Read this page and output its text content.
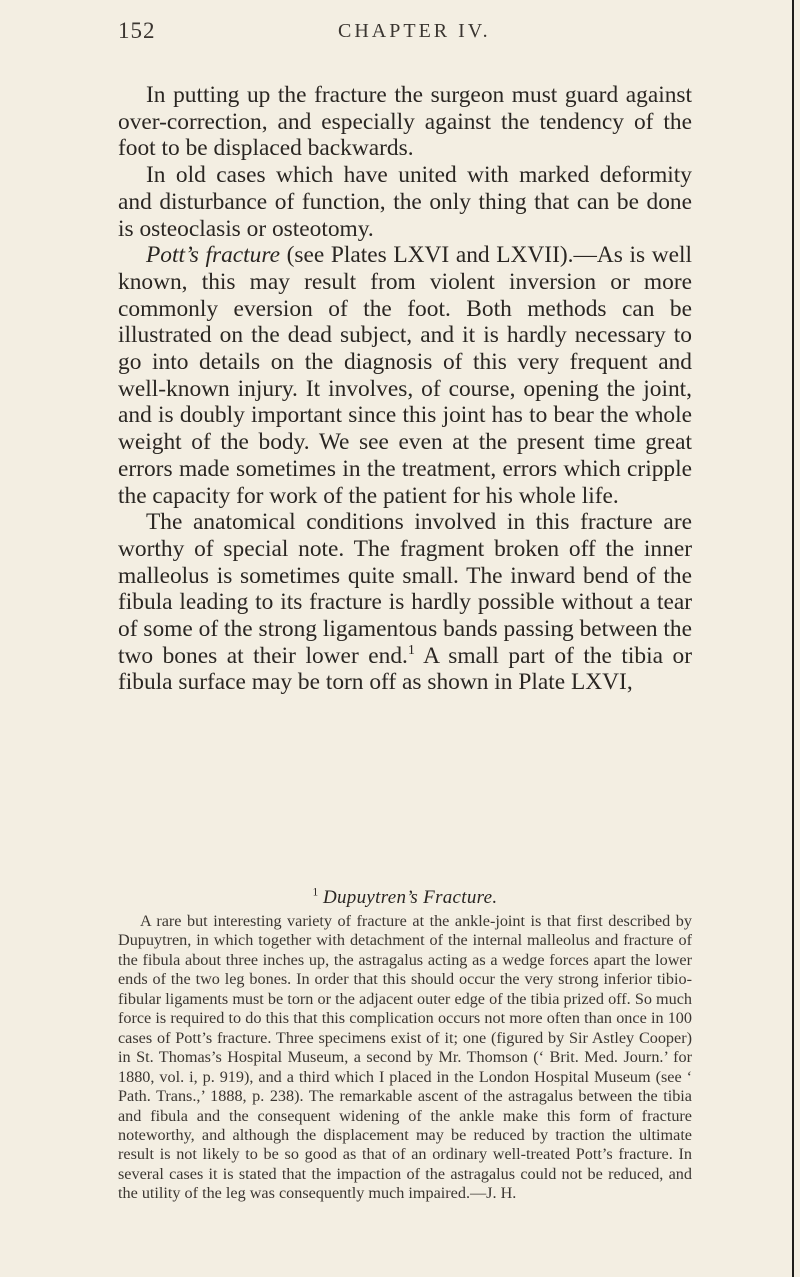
152	CHAPTER IV.

In putting up the fracture the surgeon must guard against over-correction, and especially against the tendency of the foot to be displaced backwards.

In old cases which have united with marked deformity and disturbance of function, the only thing that can be done is osteoclasis or osteotomy.

Pott’s fracture (see Plates LXVI and LXVII).—As is well known, this may result from violent inversion or more commonly eversion of the foot. Both methods can be illustrated on the dead subject, and it is hardly necessary to go into details on the diagnosis of this very frequent and well-known injury. It involves, of course, opening the joint, and is doubly important since this joint has to bear the whole weight of the body. We see even at the present time great errors made sometimes in the treatment, errors which cripple the capacity for work of the patient for his whole life.

The anatomical conditions involved in this fracture are worthy of special note. The fragment broken off the inner malleolus is sometimes quite small. The inward bend of the fibula leading to its fracture is hardly possible without a tear of some of the strong ligamentous bands passing between the two bones at their lower end.$^1$ A small part of the tibia or fibula surface may be torn off as shown in Plate LXVI,

$^1$ Dupuytren’s Fracture.

A rare but interesting variety of fracture at the ankle-joint is that first described by Dupuytren, in which together with detachment of the internal malleolus and fracture of the fibula about three inches up, the astragalus acting as a wedge forces apart the lower ends of the two leg bones. In order that this should occur the very strong inferior tibio-fibular ligaments must be torn or the adjacent outer edge of the tibia prized off. So much force is required to do this that this complication occurs not more often than once in 100 cases of Pott’s fracture. Three specimens exist of it; one (figured by Sir Astley Cooper) in St. Thomas’s Hospital Museum, a second by Mr. Thomson (‘ Brit. Med. Journ.’ for 1880, vol. i, p. 919), and a third which I placed in the London Hospital Museum (see ‘ Path. Trans.,’ 1888, p. 238). The remarkable ascent of the astragalus between the tibia and fibula and the consequent widening of the ankle make this form of fracture noteworthy, and although the displacement may be reduced by traction the ultimate result is not likely to be so good as that of an ordinary well-treated Pott’s fracture. In several cases it is stated that the impaction of the astragalus could not be reduced, and the utility of the leg was consequently much impaired.—J. H.
